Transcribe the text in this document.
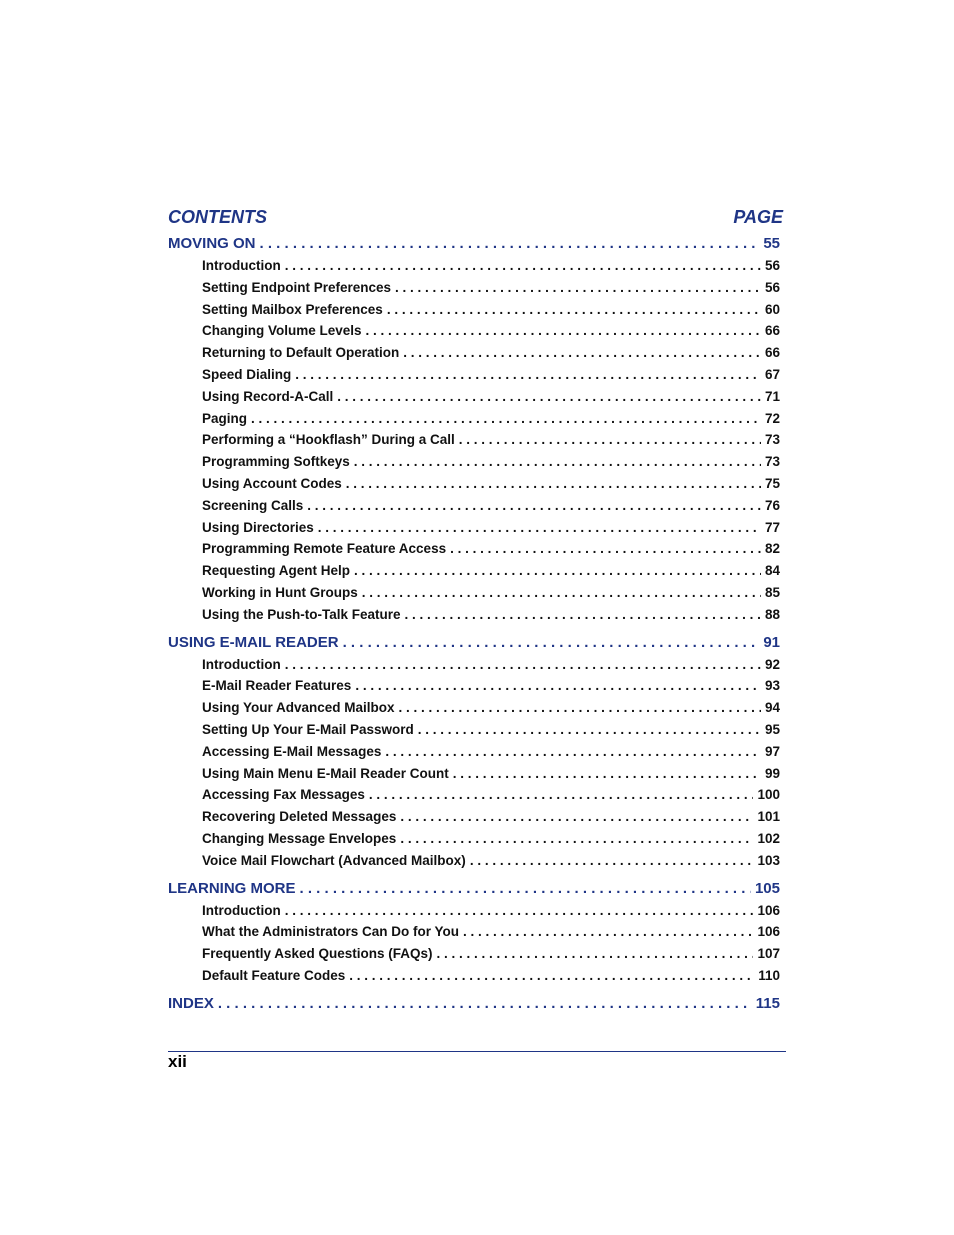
CONTENTS	PAGE
MOVING ON . . .	55
Introduction . . .	56
Setting Endpoint Preferences . . .	56
Setting Mailbox Preferences . . .	60
Changing Volume Levels . . .	66
Returning to Default Operation . . .	66
Speed Dialing . . .	67
Using Record-A-Call . . .	71
Paging . . .	72
Performing a “Hookflash” During a Call . . .	73
Programming Softkeys . . .	73
Using Account Codes . . .	75
Screening Calls . . .	76
Using Directories . . .	77
Programming Remote Feature Access . . .	82
Requesting Agent Help . . .	84
Working in Hunt Groups . . .	85
Using the Push-to-Talk Feature . . .	88
USING E-MAIL READER . . .	91
Introduction . . .	92
E-Mail Reader Features . . .	93
Using Your Advanced Mailbox . . .	94
Setting Up Your E-Mail Password . . .	95
Accessing E-Mail Messages . . .	97
Using Main Menu E-Mail Reader Count . . .	99
Accessing Fax Messages . . .	100
Recovering Deleted Messages . . .	101
Changing Message Envelopes . . .	102
Voice Mail Flowchart (Advanced Mailbox) . . .	103
LEARNING MORE . . .	105
Introduction . . .	106
What the Administrators Can Do for You . . .	106
Frequently Asked Questions (FAQs) . . .	107
Default Feature Codes . . .	110
INDEX . . .	115
xii
